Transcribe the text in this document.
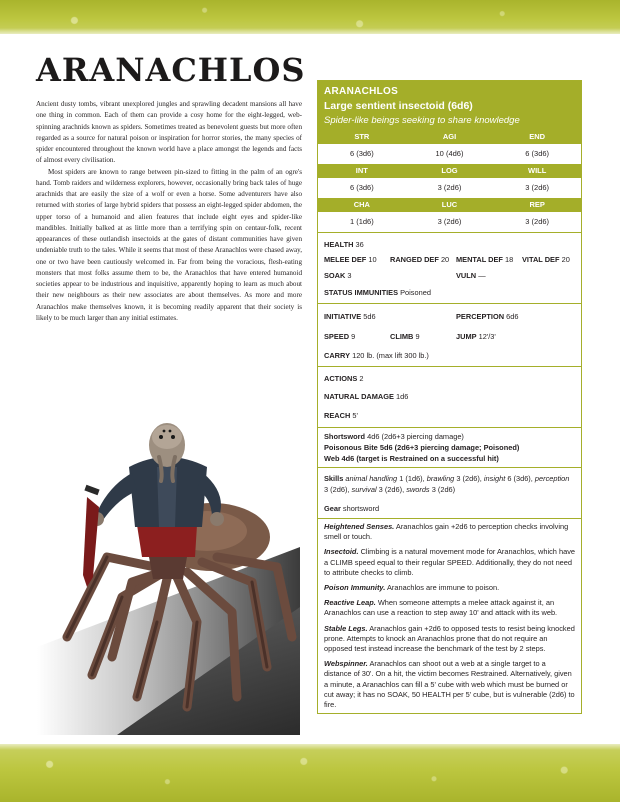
ARANACHLOS

Ancient dusty tombs, vibrant unexplored jungles and sprawling decadent mansions all have one thing in common. Each of them can provide a cosy home for the eight-legged, web-spinning arachnids known as spiders. Sometimes treated as benevolent guests but more often regarded as a source for natural poison or inspiration for horror stories, the many species of spider encountered throughout the known world have a place amongst the legends and facts of almost every civilisation.

Most spiders are known to range between pin-sized to fitting in the palm of an ogre's hand. Tomb raiders and wilderness explorers, however, occasionally bring back tales of huge arachnids that are easily the size of a wolf or even a horse. Some adventurers have also returned with stories of large hybrid spiders that possess an eight-legged spider abdomen, the upper torso of a humanoid and alien features that include eight eyes and spider-like mandibles. Initially balked at as little more than a terrifying spin on centaur-folk, recent appearances of these outlandish insectoids at the gates of distant communities have given undeniable truth to the tales. While it seems that most of these Aranachlos were chased away, one or two have been cautiously welcomed in. Far from being the voracious, flesh-eating monsters that most folks assume them to be, the Aranachlos that have entered humanoid societies appear to be industrious and inquisitive, apparently hoping to learn as much about their new neighbours as their new associates are about themselves. As more and more Aranachlos make themselves known, it is becoming readily apparent that their society is likely to be much larger than any initial estimates.

ARANACHLOS
Large sentient insectoid (6d6)
Spider-like beings seeking to share knowledge
STR	AGI	END
6 (3d6)	10 (4d6)	6 (3d6)
INT	LOG	WILL
6 (3d6)	3 (2d6)	3 (2d6)
CHA	LUC	REP
1 (1d6)	3 (2d6)	3 (2d6)
HEALTH
36
MELEE DEF 10 RANGED DEF 20 MENTAL DEF 18 VITAL DEF 20
SOAK 3	VULN —
STATUS IMMUNITIES
Poisoned
INITIATIVE 5d6	PERCEPTION 6d6
SPEED 9	CLIMB 9	JUMP 12'/3'
CARRY
120 lb. (max lift 300 lb.)
ACTIONS
2
NATURAL DAMAGE
1d6
REACH
5'
Shortsword 4d6 (2d6+3 piercing damage)
Poisonous Bite 5d6 (2d6+3 piercing damage; Poisoned)
Web 4d6 (target is Restrained on a successful hit)
Skills animal handling 1 (1d6), brawling 3 (2d6), insight 6 (3d6), perception 3 (2d6), survival 3 (2d6), swords 3 (2d6)
Gear shortsword
Heightened Senses. Aranachlos gain +2d6 to perception checks involving smell or touch.
Insectoid. Climbing is a natural movement mode for Aranachlos, which have a CLIMB speed equal to their regular SPEED. Additionally, they do not need to attribute checks to climb.
Poison Immunity. Aranachlos are immune to poison.
Reactive Leap. When someone attempts a melee attack against it, an Aranachlos can use a reaction to step away 10' and attack with its web.
Stable Legs. Aranachlos gain +2d6 to opposed tests to resist being knocked prone. Attempts to knock an Aranachlos prone that do not require an opposed test instead increase the benchmark of the test by 2 steps.
Webspinner. Aranachlos can shoot out a web at a single target to a distance of 30'. On a hit, the victim becomes Restrained. Alternatively, given a minute, a Aranachlos can fill a 5' cube with web which must be burned or cut away; it has no SOAK, 50 HEALTH per 5' cube, but is vulnerable (2d6) to fire.
